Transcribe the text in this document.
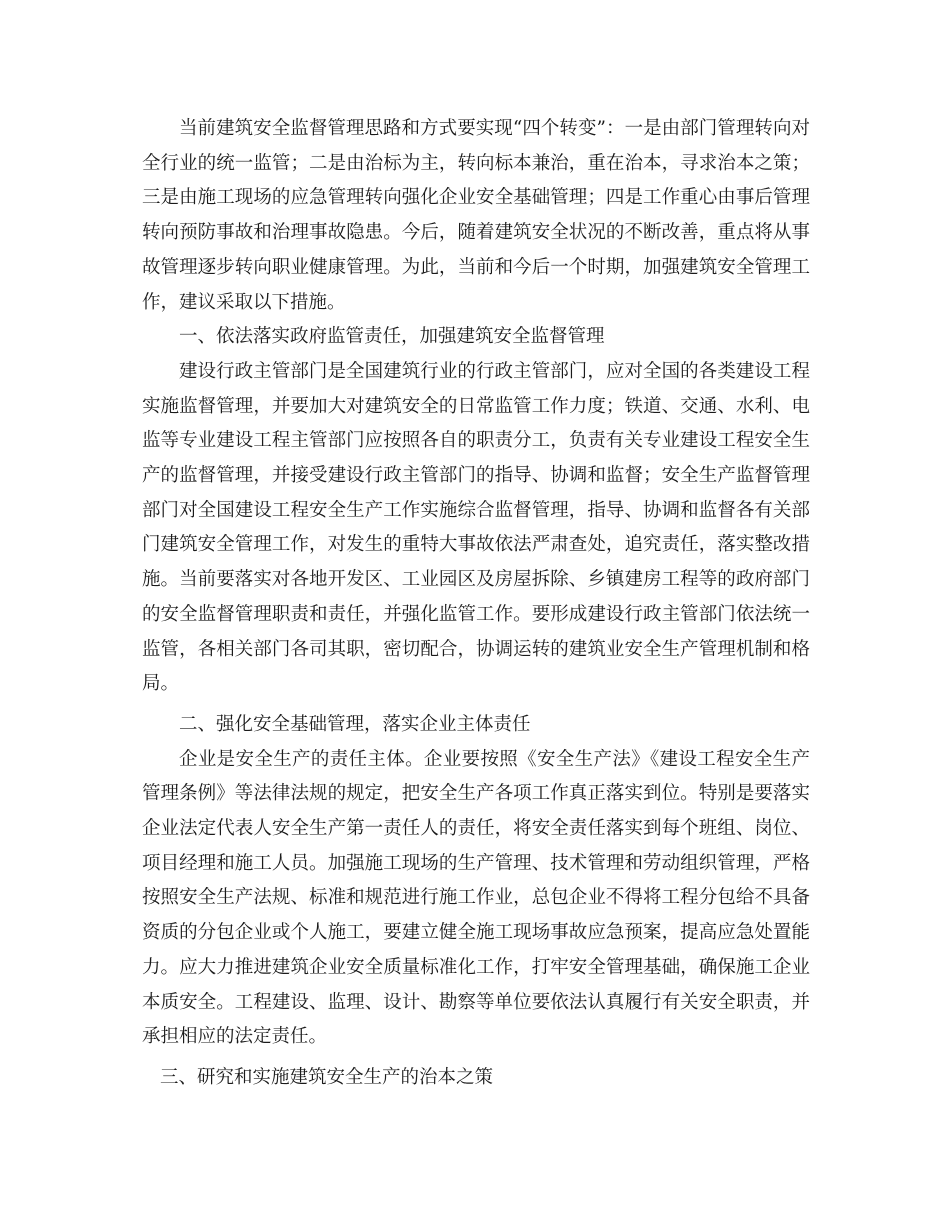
当前建筑安全监督管理思路和方式要实现“四个转变”：一是由部门管理转向对全行业的统一监管；二是由治标为主，转向标本兼治，重在治本，寻求治本之策；三是由施工现场的应急管理转向强化企业安全基础管理；四是工作重心由事后管理转向预防事故和治理事故隐患。今后，随着建筑安全状况的不断改善，重点将从事故管理逐步转向职业健康管理。为此，当前和今后一个时期，加强建筑安全管理工作，建议采取以下措施。

一、依法落实政府监管责任，加强建筑安全监督管理

建设行政主管部门是全国建筑行业的行政主管部门，应对全国的各类建设工程实施监督管理，并要加大对建筑安全的日常监管工作力度；铁道、交通、水利、电监等专业建设工程主管部门应按照各自的职责分工，负责有关专业建设工程安全生产的监督管理，并接受建设行政主管部门的指导、协调和监督；安全生产监督管理部门对全国建设工程安全生产工作实施综合监督管理，指导、协调和监督各有关部门建筑安全管理工作，对发生的重特大事故依法严肃查处，追究责任，落实整改措施。当前要落实对各地开发区、工业园区及房屋拆除、乡镇建房工程等的政府部门的安全监督管理职责和责任，并强化监管工作。要形成建设行政主管部门依法统一监管，各相关部门各司其职，密切配合，协调运转的建筑业安全生产管理机制和格局。

二、强化安全基础管理，落实企业主体责任

企业是安全生产的责任主体。企业要按照《安全生产法》《建设工程安全生产管理条例》等法律法规的规定，把安全生产各项工作真正落实到位。特别是要落实企业法定代表人安全生产第一责任人的责任，将安全责任落实到每个班组、岗位、项目经理和施工人员。加强施工现场的生产管理、技术管理和劳动组织管理，严格按照安全生产法规、标准和规范进行施工作业，总包企业不得将工程分包给不具备资质的分包企业或个人施工，要建立健全施工现场事故应急预案，提高应急处置能力。应大力推进建筑企业安全质量标准化工作，打牢安全管理基础，确保施工企业本质安全。工程建设、监理、设计、勘察等单位要依法认真履行有关安全职责，并承担相应的法定责任。

三、研究和实施建筑安全生产的治本之策
